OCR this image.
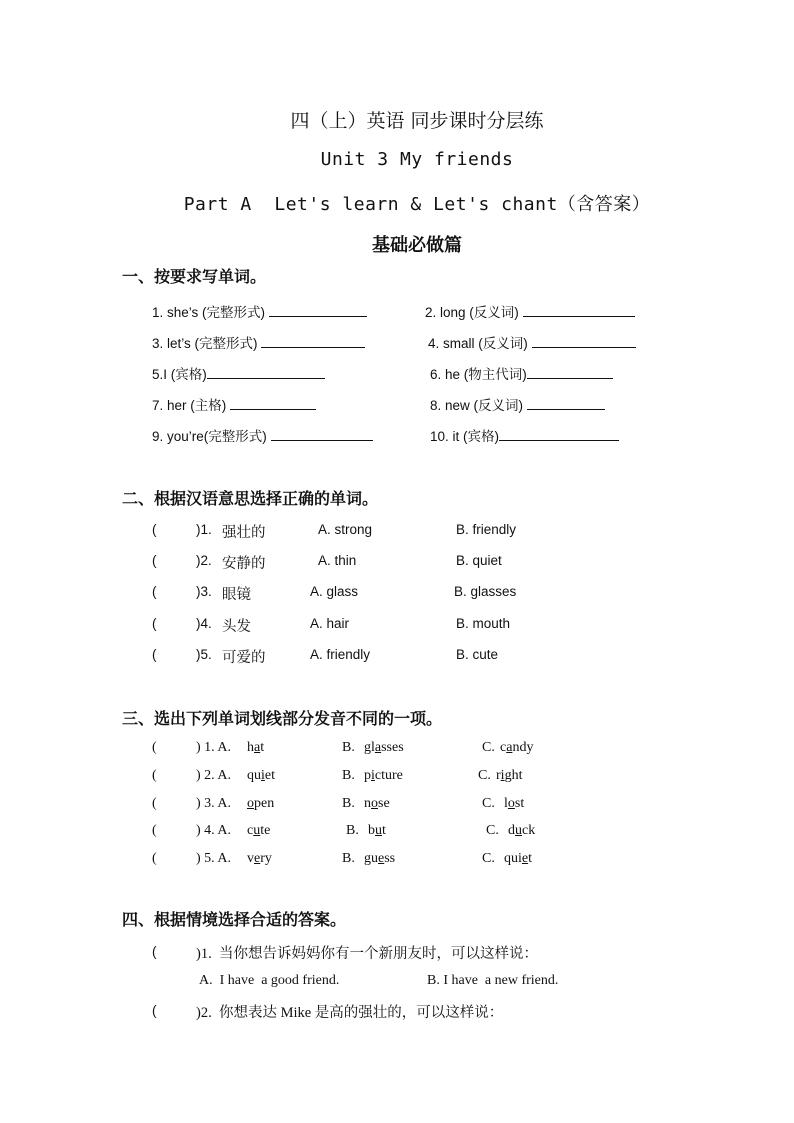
四（上）英语 同步课时分层练
Unit 3 My friends
Part A  Let's learn & Let's chant（含答案）
基础必做篇
一、按要求写单词。
1. she’s (完整形式)	2. long (反义词)
3. let’s (完整形式)	4. small (反义词)
5.I (宾格)	6. he (物主代词)
7. her (主格)	8. new (反义词)
9. you’re(完整形式)	10. it (宾格)
二、根据汉语意思选择正确的单词。
(	)1. 强壮的	A. strong	B. friendly
(	)2. 安静的	A. thin	B. quiet
(	)3. 眼镜	A. glass	B. glasses
(	)4. 头发	A. hair	B. mouth
(	)5. 可爱的	A. friendly	B. cute
三、选出下列单词划线部分发音不同的一项。
(	) 1. A. hat	B. glasses	C. candy
(	) 2. A. quiet	B. picture	C. right
(	) 3. A. open	B. nose	C. lost
(	) 4. A. cute	B. but	C. duck
(	) 5. A. very	B. guess	C. quiet
四、根据情境选择合适的答案。
(	)1.  当你想告诉妈妈你有一个新朋友时，可以这样说：
A.  I have  a good friend.	B. I have  a new friend.
(	)2.  你想表达 Mike 是高的强壮的，可以这样说：
